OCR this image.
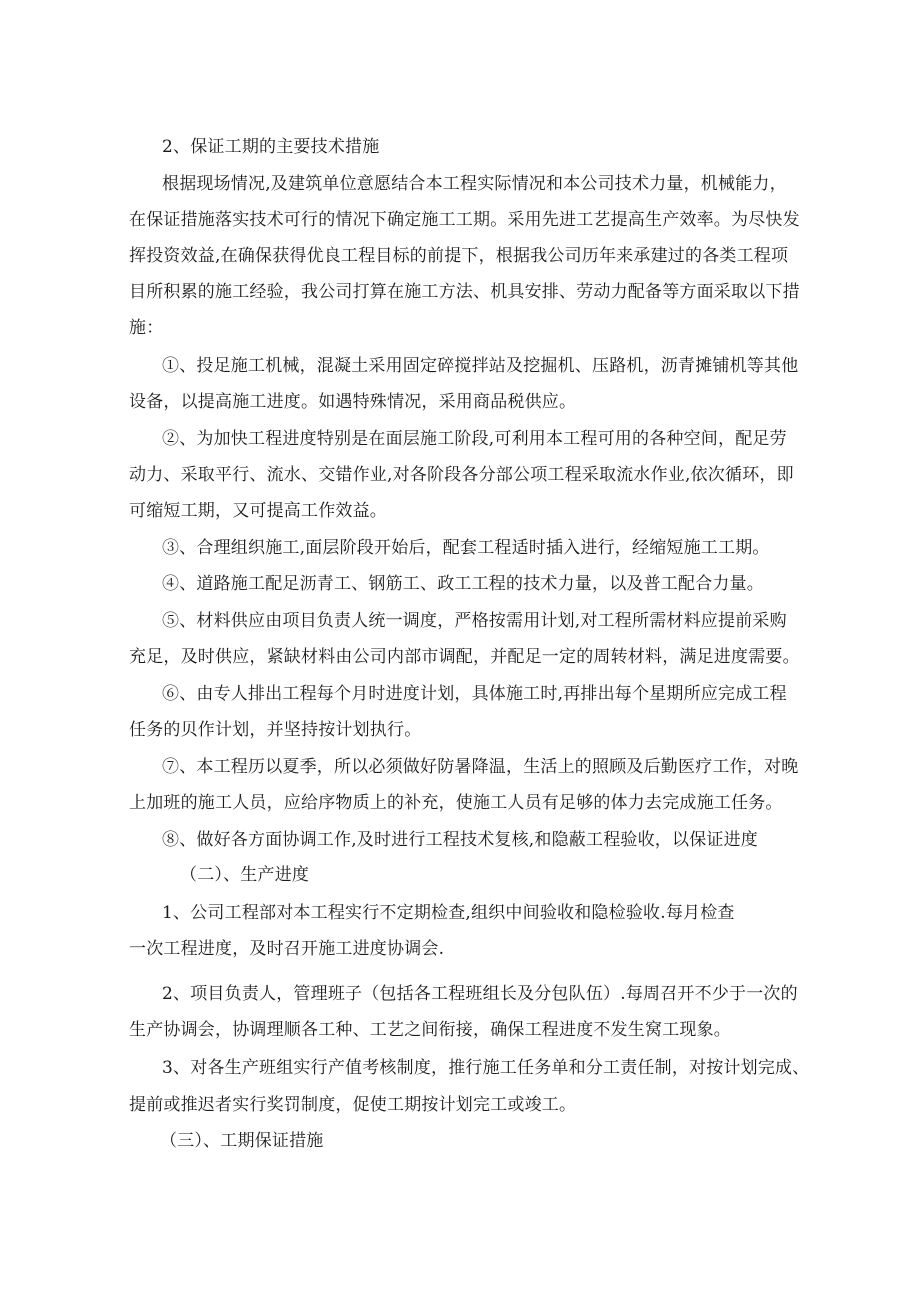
2、保证工期的主要技术措施
根据现场情况,及建筑单位意愿结合本工程实际情况和本公司技术力量，机械能力，
在保证措施落实技术可行的情况下确定施工工期。采用先进工艺提高生产效率。为尽快发
挥投资效益,在确保获得优良工程目标的前提下，根据我公司历年来承建过的各类工程项
目所积累的施工经验，我公司打算在施工方法、机具安排、劳动力配备等方面采取以下措
施：
①、投足施工机械，混凝土采用固定碎搅拌站及挖掘机、压路机，沥青摊铺机等其他
设备，以提高施工进度。如遇特殊情况，采用商品税供应。
②、为加快工程进度特别是在面层施工阶段,可利用本工程可用的各种空间，配足劳
动力、采取平行、流水、交错作业,对各阶段各分部公项工程采取流水作业,依次循环，即
可缩短工期，又可提高工作效益。
③、合理组织施工,面层阶段开始后，配套工程适时插入进行，经缩短施工工期。
④、道路施工配足沥青工、钢筋工、政工工程的技术力量，以及普工配合力量。
⑤、材料供应由项目负责人统一调度，严格按需用计划,对工程所需材料应提前采购
充足，及时供应，紧缺材料由公司内部市调配，并配足一定的周转材料，满足进度需要。
⑥、由专人排出工程每个月时进度计划，具体施工时,再排出每个星期所应完成工程
任务的贝作计划，并坚持按计划执行。
⑦、本工程历以夏季，所以必须做好防暑降温，生活上的照顾及后勤医疗工作，对晚
上加班的施工人员，应给序物质上的补充，使施工人员有足够的体力去完成施工任务。
⑧、做好各方面协调工作,及时进行工程技术复核,和隐蔽工程验收，以保证进度
（二）、生产进度
1、公司工程部对本工程实行不定期检查,组织中间验收和隐检验收.每月检查
一次工程进度，及时召开施工进度协调会.
2、项目负责人，管理班子（包括各工程班组长及分包队伍）.每周召开不少于一次的
生产协调会，协调理顺各工种、工艺之间衔接，确保工程进度不发生窝工现象。
3、对各生产班组实行产值考核制度，推行施工任务单和分工责任制，对按计划完成、
提前或推迟者实行奖罚制度，促使工期按计划完工或竣工。
（三）、工期保证措施
